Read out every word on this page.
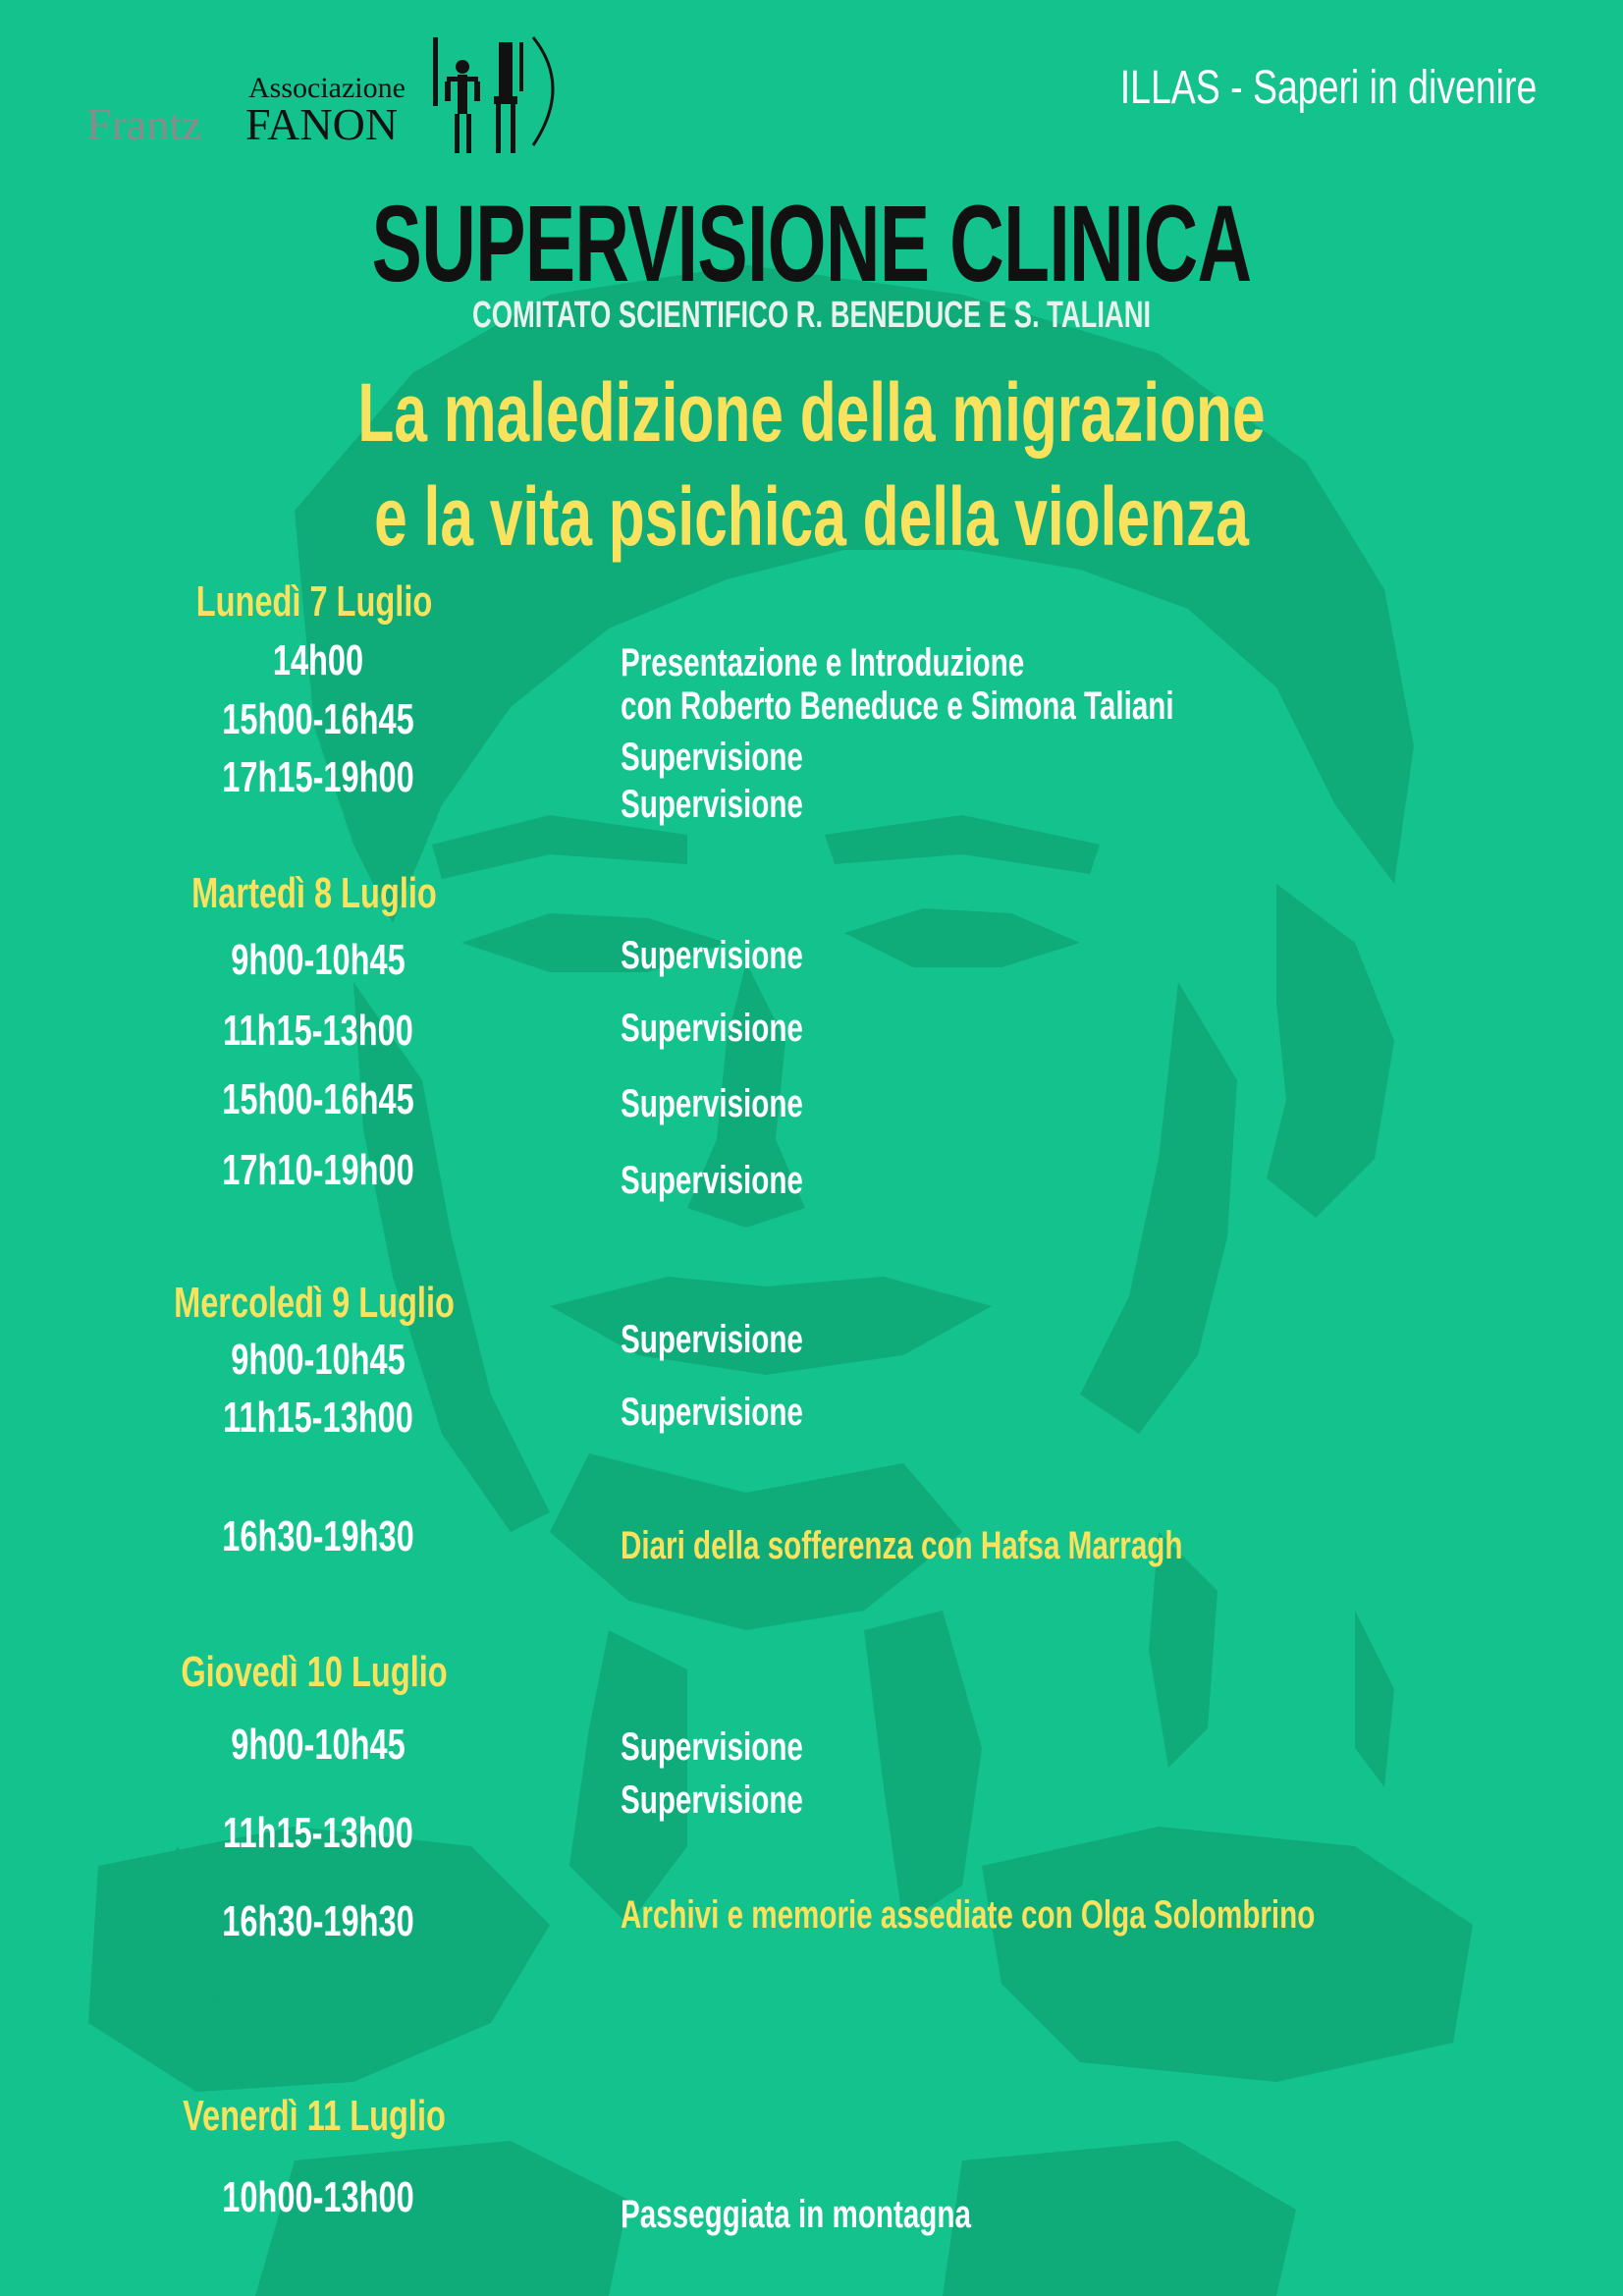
Associazione
Frantz FANON
ILLAS - Saperi in divenire
SUPERVISIONE CLINICA
COMITATO SCIENTIFICO R. BENEDUCE E S. TALIANI
La maledizione della migrazione
e la vita psichica della violenza
Lunedì 7 Luglio
14h00
15h00-16h45
17h15-19h00
Presentazione e Introduzione
con Roberto Beneduce e Simona Taliani
Supervisione
Supervisione
Martedì 8 Luglio
9h00-10h45
11h15-13h00
15h00-16h45
17h10-19h00
Supervisione
Supervisione
Supervisione
Supervisione
Mercoledì 9 Luglio
9h00-10h45
11h15-13h00
16h30-19h30
Supervisione
Supervisione
Diari della sofferenza con Hafsa Marragh
Giovedì 10 Luglio
9h00-10h45
11h15-13h00
16h30-19h30
Supervisione
Supervisione
Archivi e memorie assediate con Olga Solombrino
Venerdì 11 Luglio
10h00-13h00	Passeggiata in montagna
